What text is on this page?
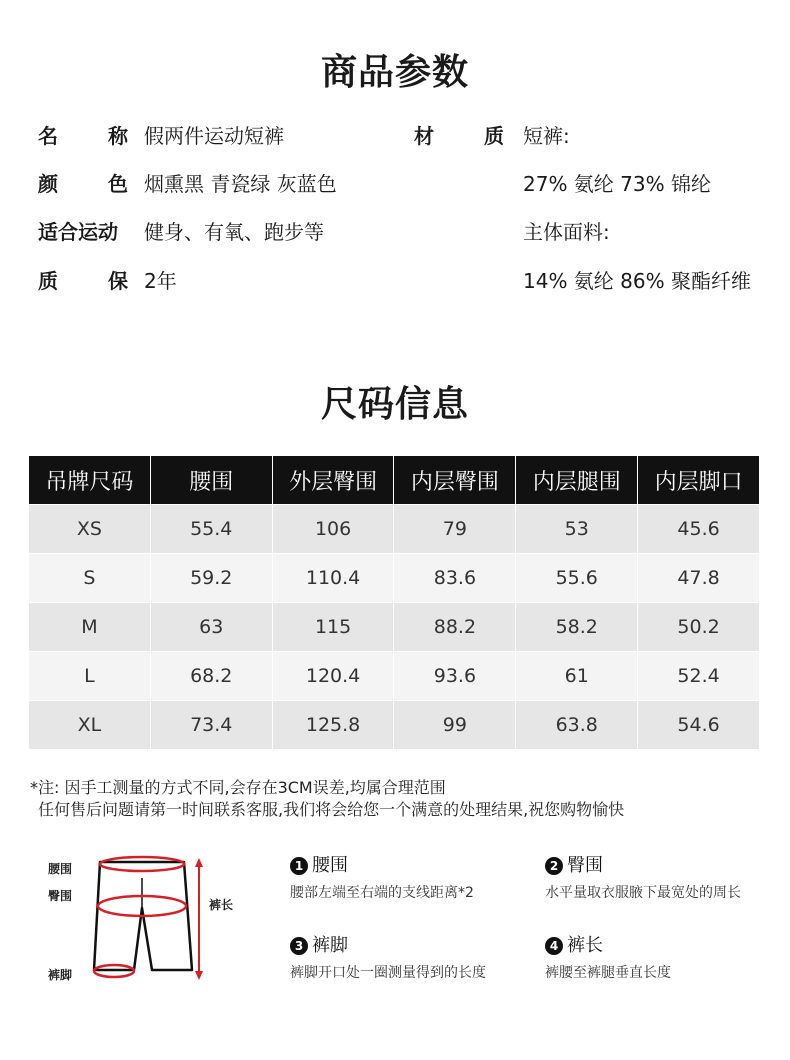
商品参数
名	称 假两件运动短裤	材	质 短裤:
颜	色 烟熏黑 青瓷绿 灰蓝色	27% 氨纶 73% 锦纶
适合运动	健身、有氧、跑步等	主体面料:
质	保 2年	14% 氨纶 86% 聚酯纤维
尺码信息
吊牌尺码	腰围	外层臀围	内层臀围	内层腿围	内层脚口
XS	55.4	106	79	53	45.6
S	59.2	110.4	83.6	55.6	47.8
M	63	115	88.2	58.2	50.2
L	68.2	120.4	93.6	61	52.4
XL	73.4	125.8	99	63.8	54.6
*注: 因手工测量的方式不同,会存在3CM误差,均属合理范围
任何售后问题请第一时间联系客服,我们将会给您一个满意的处理结果,祝您购物愉快
腰围
臀围
裤脚
裤长
1 腰围
腰部左端至右端的支线距离*2
2 臀围
水平量取衣服腋下最宽处的周长
3 裤脚
裤脚开口处一圈测量得到的长度
4 裤长
裤腰至裤腿垂直长度
